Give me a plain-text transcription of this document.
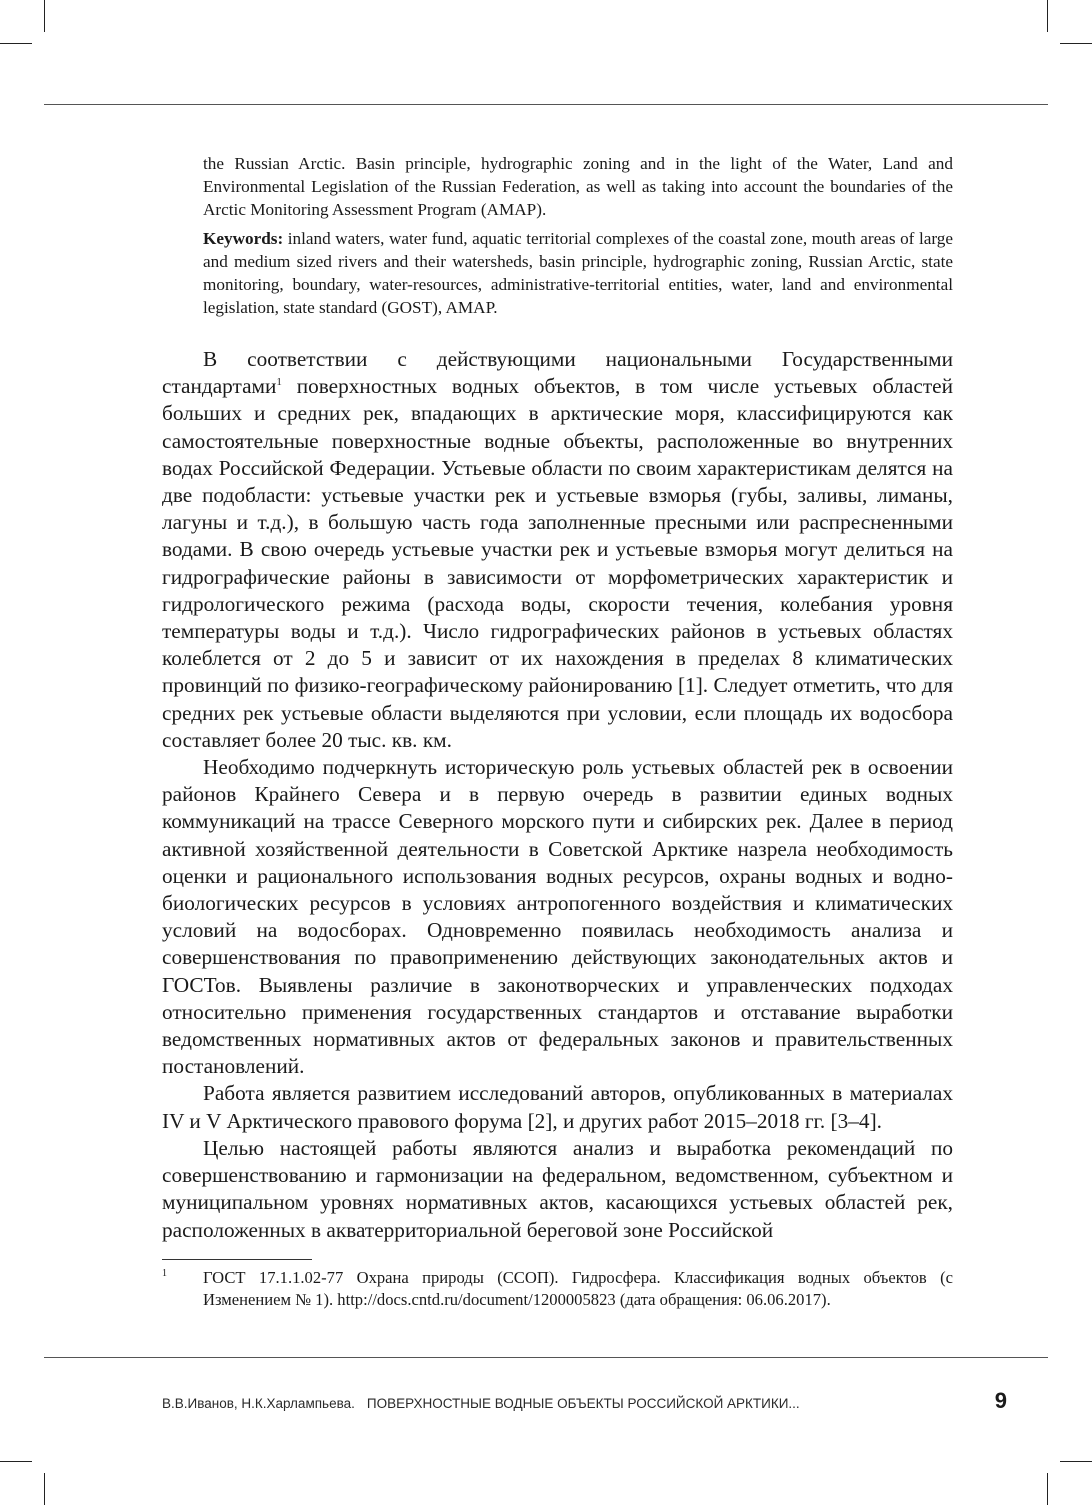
the Russian Arctic. Basin principle, hydrographic zoning and in the light of the Water, Land and Environmental Legislation of the Russian Federation, as well as taking into account the boundaries of the Arctic Monitoring Assessment Program (AMAP).

Keywords: inland waters, water fund, aquatic territorial complexes of the coastal zone, mouth areas of large and medium sized rivers and their watersheds, basin principle, hydrographic zoning, Russian Arctic, state monitoring, boundary, water-resources, administrative-territorial entities, water, land and environmental legislation, state standard (GOST), AMAP.

В соответствии с действующими национальными Государственными стандартами$^1$ поверхностных водных объектов, в том числе устьевых областей больших и средних рек, впадающих в арктические моря, классифицируются как самостоятельные поверхностные водные объекты, расположенные во внутренних водах Российской Федерации. Устьевые области по своим характеристикам делятся на две подобласти: устьевые участки рек и устьевые взморья (губы, заливы, лиманы, лагуны и т.д.), в большую часть года заполненные пресными или распресненными водами. В свою очередь устьевые участки рек и устьевые взморья могут делиться на гидрографические районы в зависимости от морфометрических характеристик и гидрологического режима (расхода воды, скорости течения, колебания уровня температуры воды и т.д.). Число гидрографических районов в устьевых областях колеблется от 2 до 5 и зависит от их нахождения в пределах 8 климатических провинций по физико-географическому районированию [1]. Следует отметить, что для средних рек устьевые области выделяются при условии, если площадь их водосбора составляет более 20 тыс. кв. км.

Необходимо подчеркнуть историческую роль устьевых областей рек в освоении районов Крайнего Севера и в первую очередь в развитии единых водных коммуникаций на трассе Северного морского пути и сибирских рек. Далее в период активной хозяйственной деятельности в Советской Арктике назрела необходимость оценки и рационального использования водных ресурсов, охраны водных и водно-биологических ресурсов в условиях антропогенного воздействия и климатических условий на водосборах. Одновременно появилась необходимость анализа и совершенствования по правоприменению действующих законодательных актов и ГОСТов. Выявлены различие в законотворческих и управленческих подходах относительно применения государственных стандартов и отставание выработки ведомственных нормативных актов от федеральных законов и правительственных постановлений.

Работа является развитием исследований авторов, опубликованных в материалах IV и V Арктического правового форума [2], и других работ 2015–2018 гг. [3–4].

Целью настоящей работы являются анализ и выработка рекомендаций по совершенствованию и гармонизации на федеральном, ведомственном, субъектном и муниципальном уровнях нормативных актов, касающихся устьевых областей рек, расположенных в акватерриториальной береговой зоне Российской

1 ГОСТ 17.1.1.02-77 Охрана природы (ССОП). Гидросфера. Классификация водных объектов (с Изменением № 1). http://docs.cntd.ru/document/1200005823 (дата обращения: 06.06.2017).
В.В.Иванов, Н.К.Харлампьева. ПОВЕРХНОСТНЫЕ ВОДНЫЕ ОБЪЕКТЫ РОССИЙСКОЙ АРКТИКИ...	9
